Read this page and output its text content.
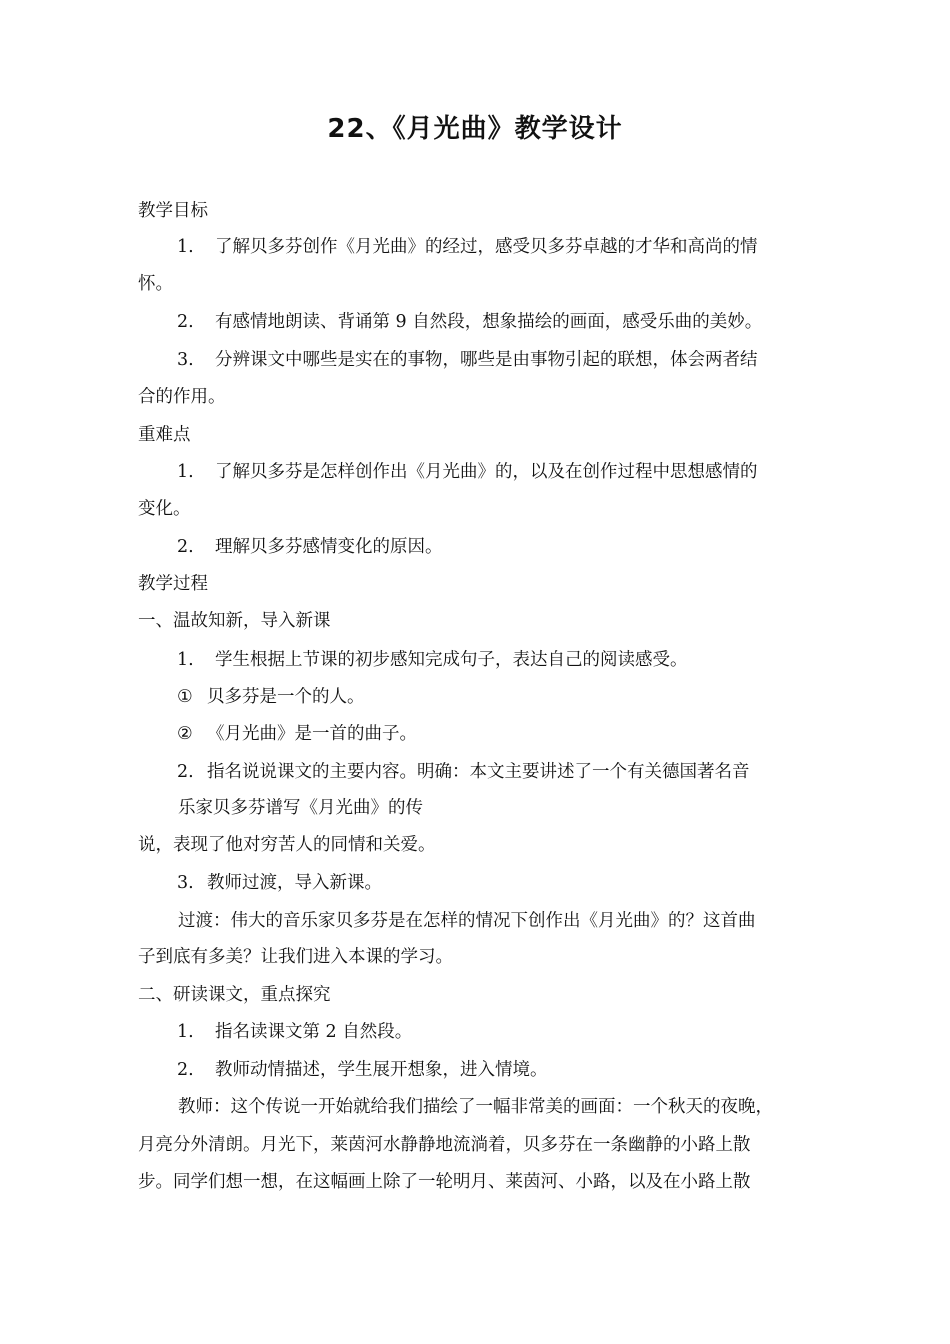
22、《月光曲》教学设计
教学目标
1. 了解贝多芬创作《月光曲》的经过，感受贝多芬卓越的才华和高尚的情
怀。
2. 有感情地朗读、背诵第 9 自然段，想象描绘的画面，感受乐曲的美妙。
3. 分辨课文中哪些是实在的事物，哪些是由事物引起的联想，体会两者结
合的作用。
重难点
1. 了解贝多芬是怎样创作出《月光曲》的，以及在创作过程中思想感情的
变化。
2. 理解贝多芬感情变化的原因。
教学过程
一、温故知新，导入新课
1. 学生根据上节课的初步感知完成句子，表达自己的阅读感受。
① 贝多芬是一个的人。
② 《月光曲》是一首的曲子。
2. 指名说说课文的主要内容。明确：本文主要讲述了一个有关德国著名音
乐家贝多芬谱写《月光曲》的传
说，表现了他对穷苦人的同情和关爱。
3. 教师过渡，导入新课。
过渡：伟大的音乐家贝多芬是在怎样的情况下创作出《月光曲》的？这首曲
子到底有多美？让我们进入本课的学习。
二、研读课文，重点探究
1. 指名读课文第 2 自然段。
2. 教师动情描述，学生展开想象，进入情境。
教师：这个传说一开始就给我们描绘了一幅非常美的画面：一个秋天的夜晚，
月亮分外清朗。月光下，莱茵河水静静地流淌着，贝多芬在一条幽静的小路上散
步。同学们想一想，在这幅画上除了一轮明月、莱茵河、小路，以及在小路上散
